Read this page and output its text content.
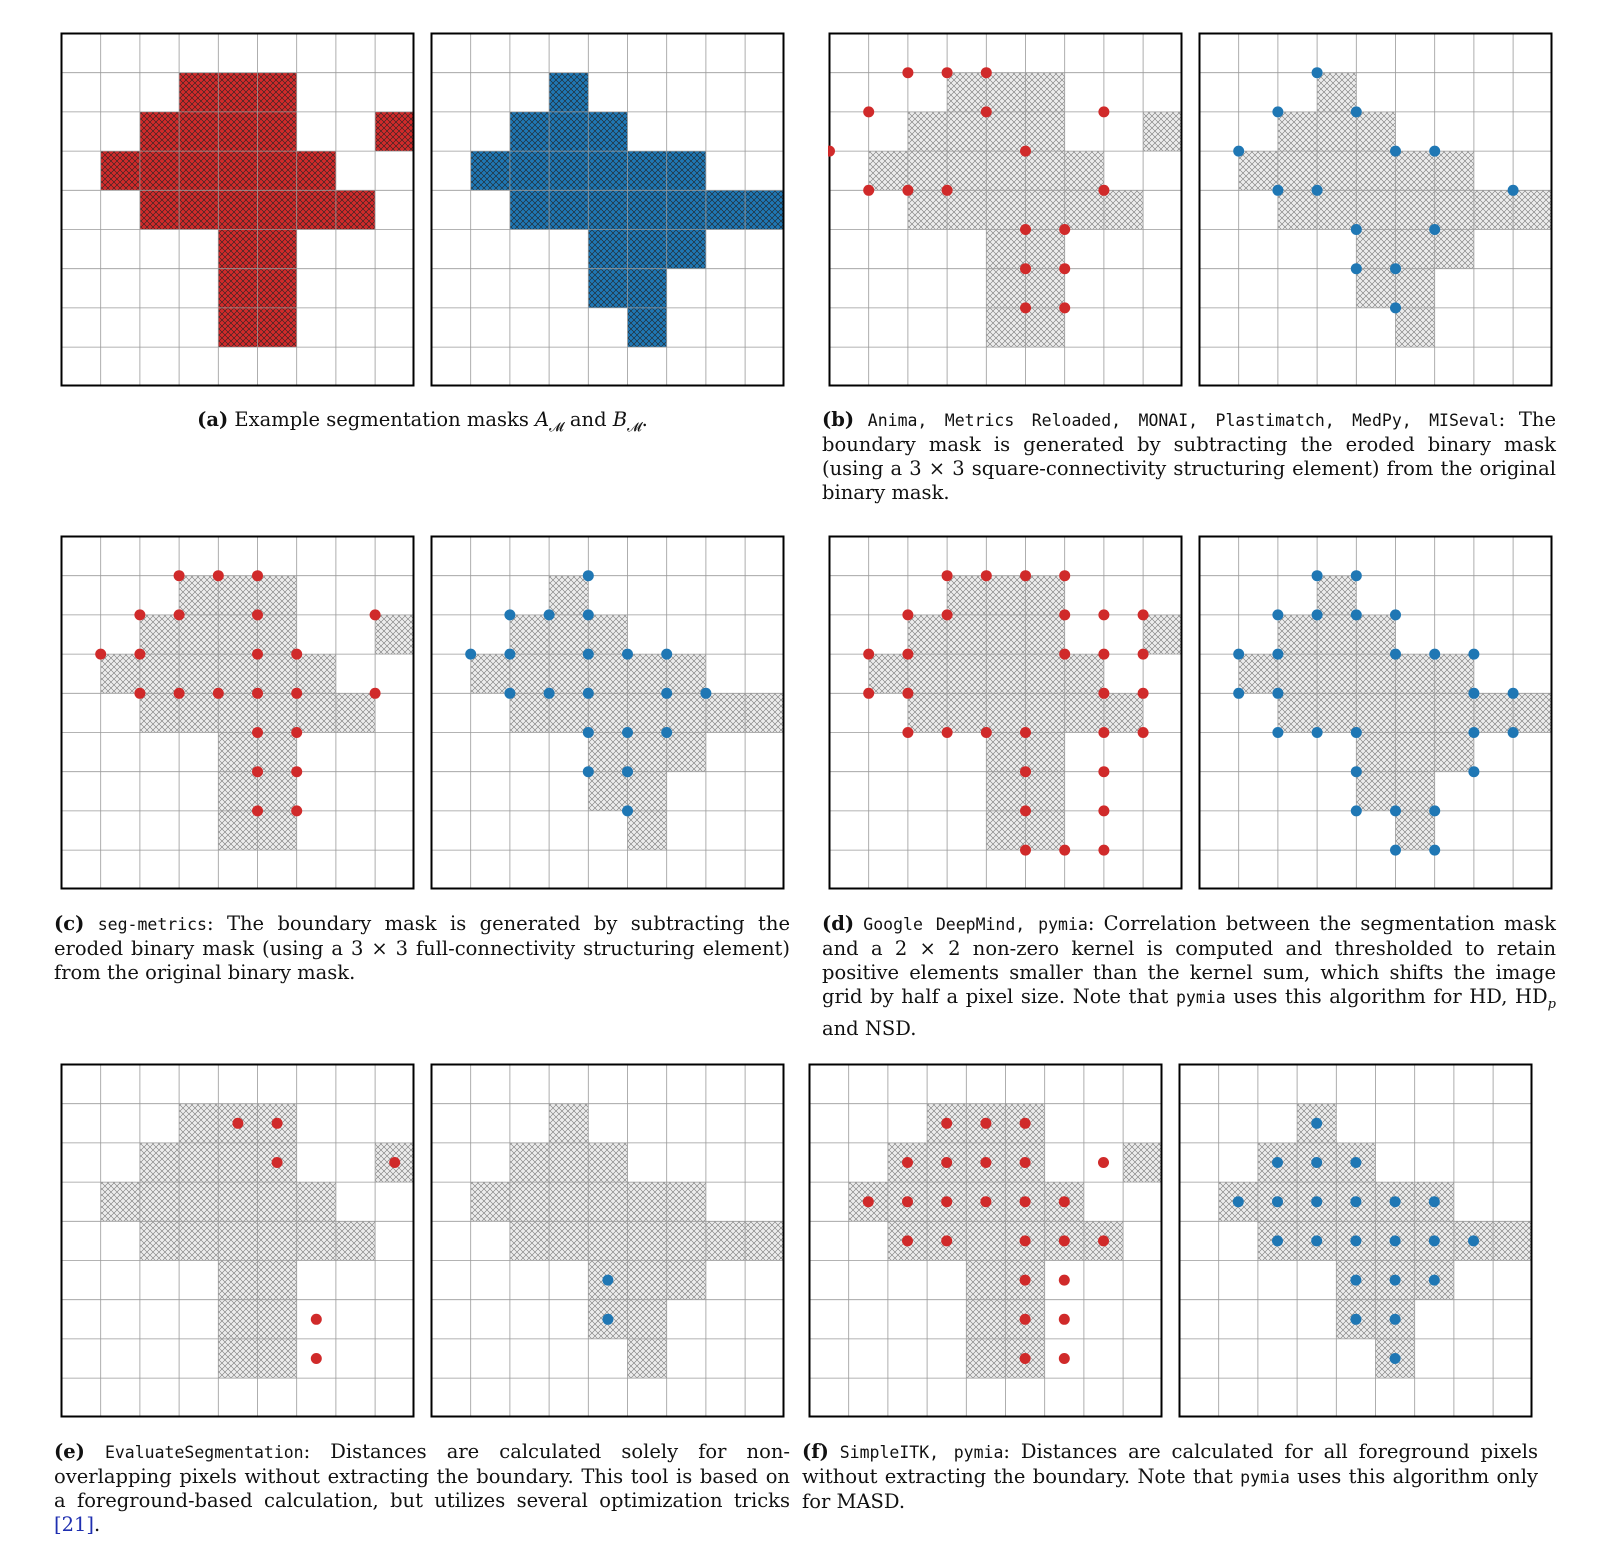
(a) Example segmentation masks $A_𝓜$ and $B_𝓜$.	(b) Anima, Metrics Reloaded, MONAI, Plastimatch, MedPy, MISeval: The boundary mask is generated by subtracting the eroded binary mask (using a 3 × 3 square-connectivity structuring element) from the original binary mask.
(c) seg-metrics: The boundary mask is generated by subtracting the eroded binary mask (using a 3 × 3 full-connectivity structuring element) from the original binary mask.
(d) Google DeepMind, pymia: Correlation between the segmentation mask and a 2 × 2 non-zero kernel is computed and thresholded to retain positive elements smaller than the kernel sum, which shifts the image grid by half a pixel size. Note that pymia uses this algorithm for HD, $HD_p$ and NSD.
(e) EvaluateSegmentation: Distances are calculated solely for non-overlapping pixels without extracting the boundary. This tool is based on a foreground-based calculation, but utilizes several optimization tricks [21].
(f) SimpleITK, pymia: Distances are calculated for all foreground pixels without extracting the boundary. Note that pymia uses this algorithm only for MASD.
